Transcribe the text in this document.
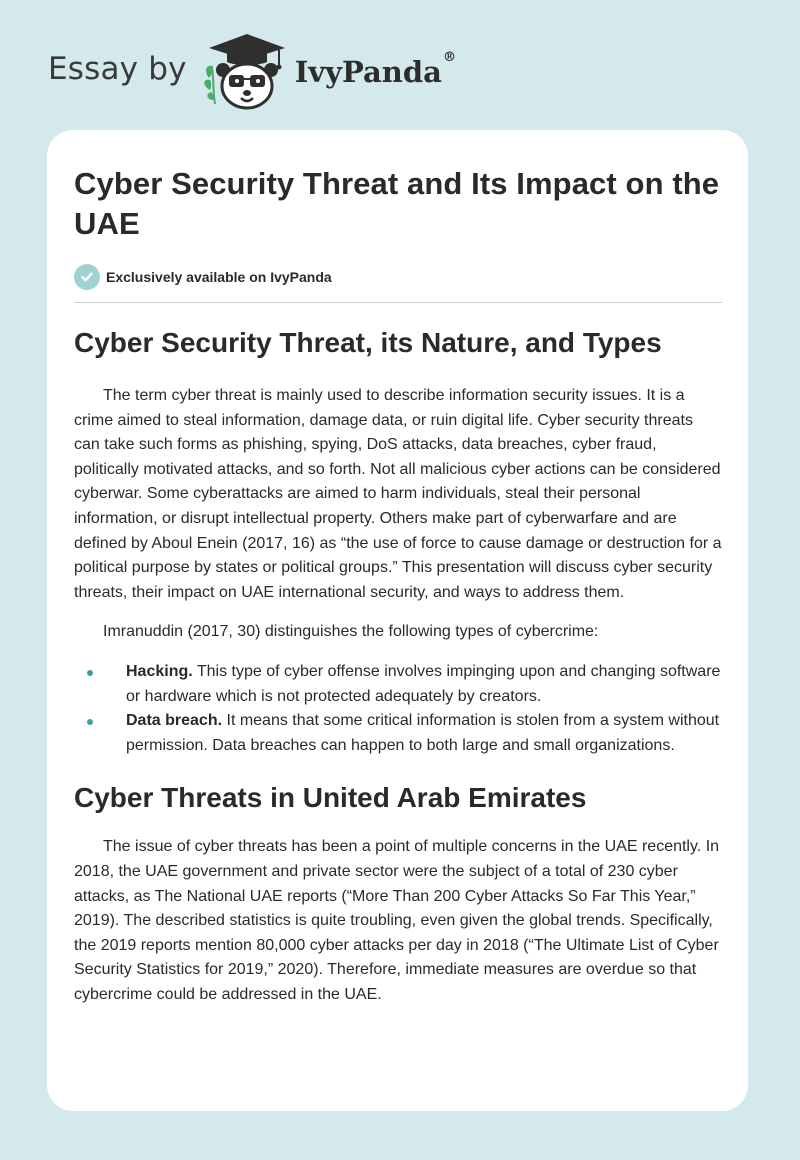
Essay by	IvyPanda®
Cyber Security Threat and Its Impact on the UAE
Exclusively available on IvyPanda
Cyber Security Threat, its Nature, and Types

The term cyber threat is mainly used to describe information security issues. It is a crime aimed to steal information, damage data, or ruin digital life. Cyber security threats can take such forms as phishing, spying, DoS attacks, data breaches, cyber fraud, politically motivated attacks, and so forth. Not all malicious cyber actions can be considered cyberwar. Some cyberattacks are aimed to harm individuals, steal their personal information, or disrupt intellectual property. Others make part of cyberwarfare and are defined by Aboul Enein (2017, 16) as “the use of force to cause damage or destruction for a political purpose by states or political groups.” This presentation will discuss cyber security threats, their impact on UAE international security, and ways to address them.

Imranuddin (2017, 30) distinguishes the following types of cybercrime:

Hacking. This type of cyber offense involves impinging upon and changing software or hardware which is not protected adequately by creators.
Data breach. It means that some critical information is stolen from a system without permission. Data breaches can happen to both large and small organizations.
Cyber Threats in United Arab Emirates

The issue of cyber threats has been a point of multiple concerns in the UAE recently. In 2018, the UAE government and private sector were the subject of a total of 230 cyber attacks, as The National UAE reports (“More Than 200 Cyber Attacks So Far This Year,” 2019). The described statistics is quite troubling, even given the global trends. Specifically, the 2019 reports mention 80,000 cyber attacks per day in 2018 (“The Ultimate List of Cyber Security Statistics for 2019,” 2020). Therefore, immediate measures are overdue so that cybercrime could be addressed in the UAE.
